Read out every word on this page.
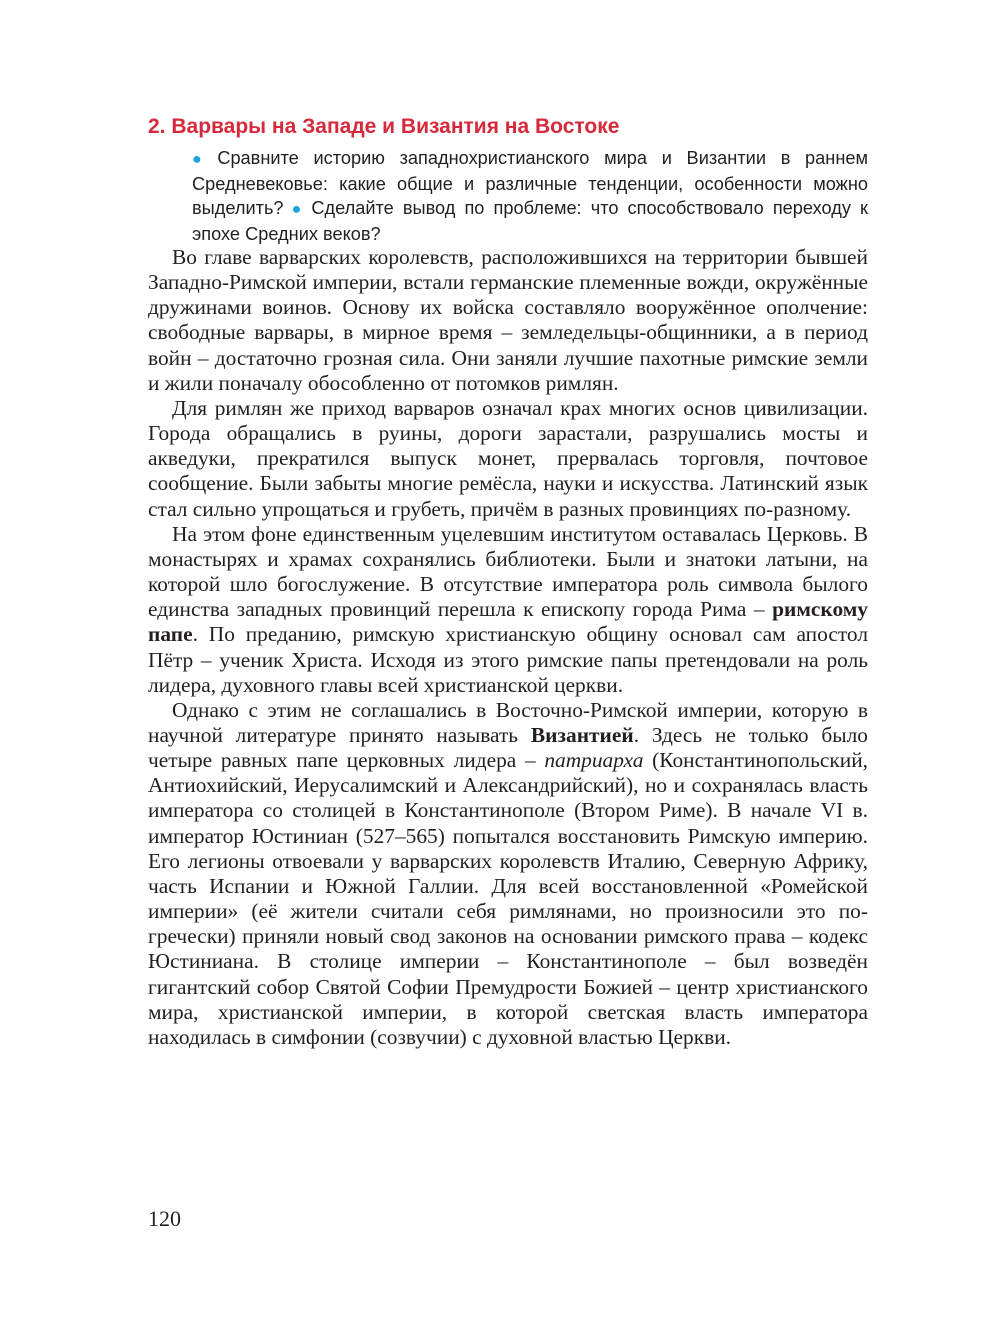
2. Варвары на Западе и Византия на Востоке
● Сравните историю западнохристианского мира и Византии в раннем Средневековье: какие общие и различные тенденции, особенности можно выделить? ● Сделайте вывод по проблеме: что способствовало переходу к эпохе Средних веков?

Во главе варварских королевств, расположившихся на территории бывшей Западно-Римской империи, встали германские племенные вожди, окружённые дружинами воинов. Основу их войска составляло вооружённое ополчение: свободные варвары, в мирное время – земледельцы-общинники, а в период войн – достаточно грозная сила. Они заняли лучшие пахотные римские земли и жили поначалу обособленно от потомков римлян.

Для римлян же приход варваров означал крах многих основ цивилизации. Города обращались в руины, дороги зарастали, разрушались мосты и акведуки, прекратился выпуск монет, прервалась торговля, почтовое сообщение. Были забыты многие ремёсла, науки и искусства. Латинский язык стал сильно упрощаться и грубеть, причём в разных провинциях по-разному.

На этом фоне единственным уцелевшим институтом оставалась Церковь. В монастырях и храмах сохранялись библиотеки. Были и знатоки латыни, на которой шло богослужение. В отсутствие императора роль символа былого единства западных провинций перешла к епископу города Рима – римскому папе. По преданию, римскую христианскую общину основал сам апостол Пётр – ученик Христа. Исходя из этого римские папы претендовали на роль лидера, духовного главы всей христианской церкви.

Однако с этим не соглашались в Восточно-Римской империи, которую в научной литературе принято называть Византией. Здесь не только было четыре равных папе церковных лидера – патриарха (Константинопольский, Антиохийский, Иерусалимский и Александрийский), но и сохранялась власть императора со столицей в Константинополе (Втором Риме). В начале VI в. император Юстиниан (527–565) попытался восстановить Римскую империю. Его легионы отвоевали у варварских королевств Италию, Северную Африку, часть Испании и Южной Галлии. Для всей восстановленной «Ромейской империи» (её жители считали себя римлянами, но произносили это по-гречески) приняли новый свод законов на основании римского права – кодекс Юстиниана. В столице империи – Константинополе – был возведён гигантский собор Святой Софии Премудрости Божией – центр христианского мира, христианской империи, в которой светская власть императора находилась в симфонии (созвучии) с духовной властью Церкви.

120
